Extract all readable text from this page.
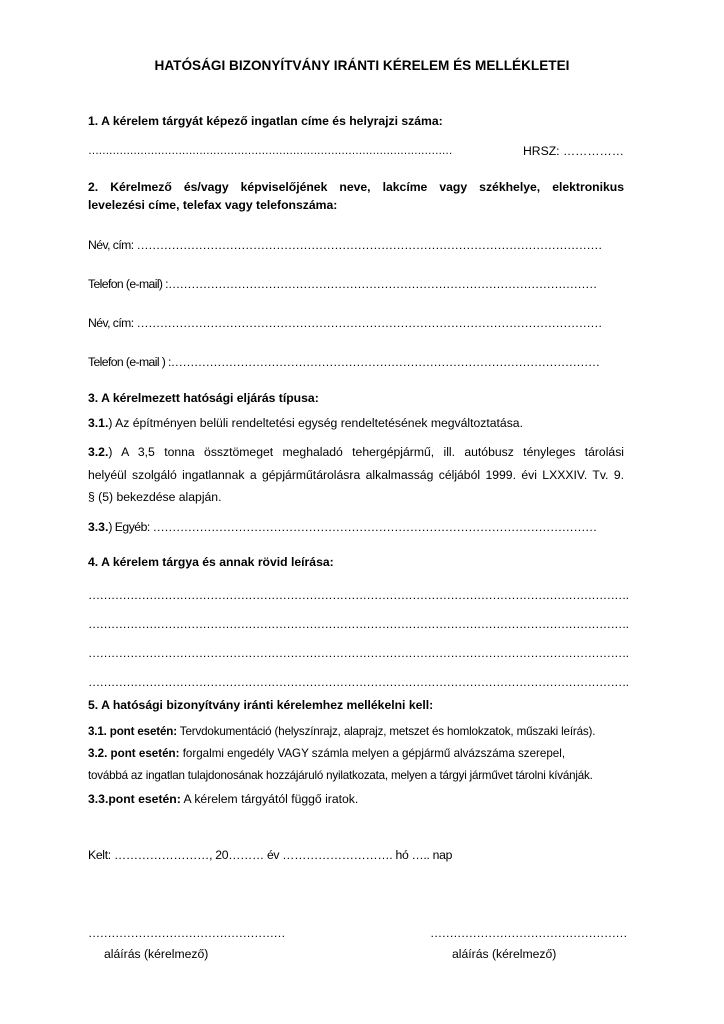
HATÓSÁGI BIZONYÍTVÁNY IRÁNTI KÉRELEM ÉS MELLÉKLETEI
1. A kérelem tárgyát képező ingatlan címe és helyrajzi száma:
……………………………………………………………………………………………	HRSZ: ……………
2. Kérelmező és/vagy képviselőjének neve, lakcíme vagy székhelye, elektronikus
levelezési címe, telefax vagy telefonszáma:
Név, cím: …………………………………………………………………………………………………………
Telefon (e-mail) :…………………………………………………………………………………………………
Név, cím: …………………………………………………………………………………………………………
Telefon (e-mail ) :…………………………………………………………………………………………………
3. A kérelmezett hatósági eljárás típusa:
3.1.) Az építményen belüli rendeltetési egység rendeltetésének megváltoztatása.
3.2.) A 3,5 tonna össztömeget meghaladó tehergépjármű, ill. autóbusz tényleges tárolási
helyéül szolgáló ingatlannak a gépjárműtárolásra alkalmasság céljából 1999. évi LXXXIV. Tv. 9.
§ (5) bekezdése alapján.
3.3.) Egyéb: ……………………………………………………………………………………………………
4. A kérelem tárgya és annak rövid leírása:
…………………………………………………………………………………………………………………………….
…………………………………………………………………………………………………………………………….
…………………………………………………………………………………………………………………………….
…………………………………………………………………………………………………………………………….
5. A hatósági bizonyítvány iránti kérelemhez mellékelni kell:
3.1. pont esetén: Tervdokumentáció (helyszínrajz, alaprajz, metszet és homlokzatok, műszaki leírás).
3.2. pont esetén: forgalmi engedély VAGY számla melyen a gépjármű alvázszáma szerepel,
továbbá az ingatlan tulajdonosának hozzájáruló nyilatkozata, melyen a tárgyi járművet tárolni kívánják.
3.3.pont esetén: A kérelem tárgyától függő iratok.
Kelt: ……………………, 20……… év ………………………. hó ….. nap
……………………………………………
aláírás (kérelmező)
……………………………………………
aláírás (kérelmező)
